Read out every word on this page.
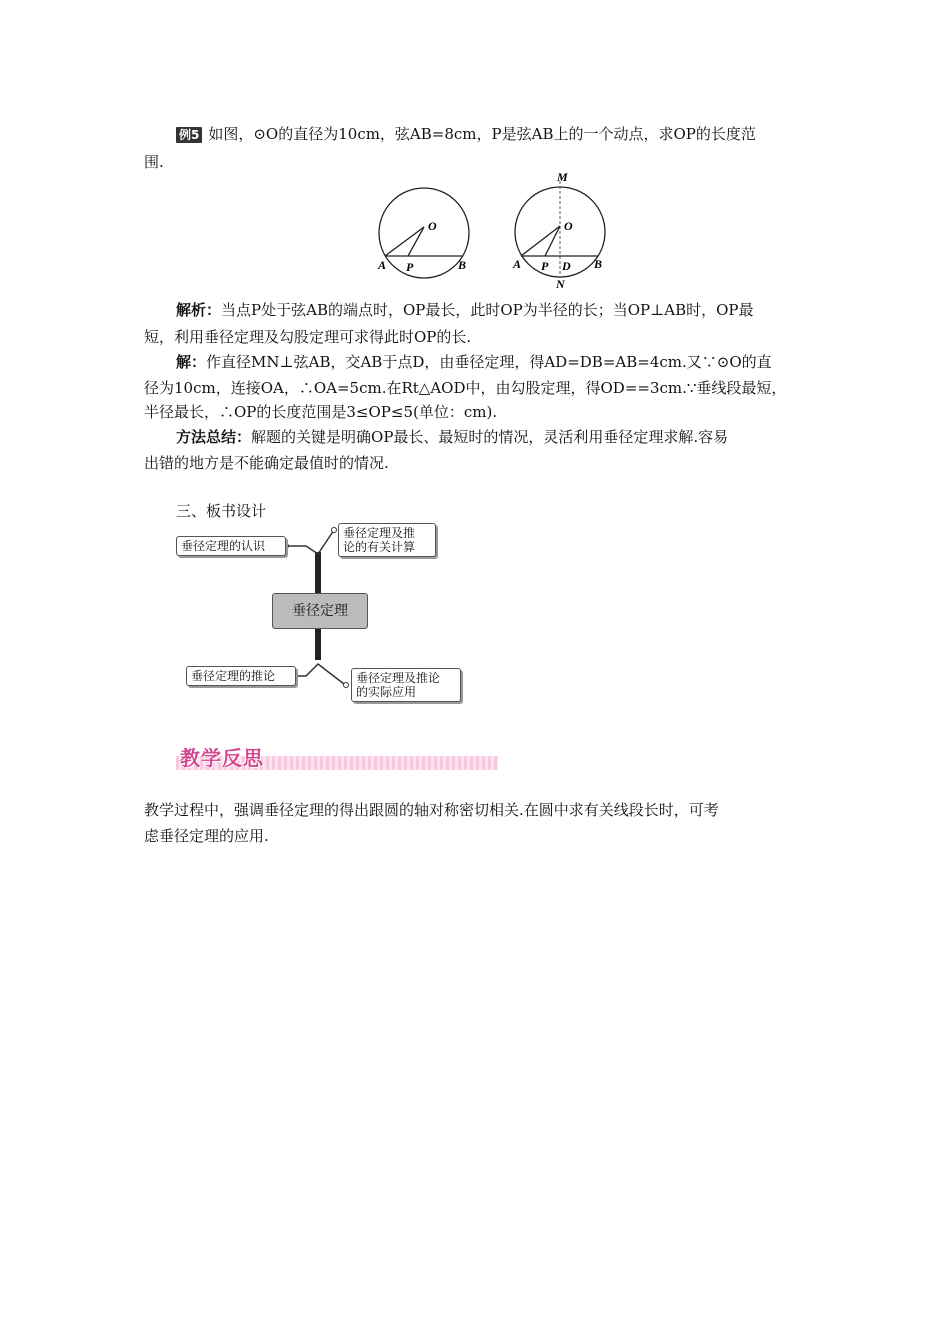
例5 如图，⊙O的直径为10cm，弦AB=8cm，P是弦AB上的一个动点，求OP的长度范
围.
O
A P	B
M
O
A P D B
N
解析：当点P处于弦AB的端点时，OP最长，此时OP为半径的长；当OP⊥AB时，OP最
短，利用垂径定理及勾股定理可求得此时OP的长.
解：作直径MN⊥弦AB，交AB于点D，由垂径定理，得AD=DB=AB=4cm.又∵⊙O的直
径为10cm，连接OA，∴OA=5cm.在Rt△AOD中，由勾股定理，得OD==3cm.∵垂线段最短，
半径最长，∴OP的长度范围是3≤OP≤5(单位：cm).
方法总结：解题的关键是明确OP最长、最短时的情况，灵活利用垂径定理求解.容易
出错的地方是不能确定最值时的情况.
三、板书设计
垂径定理的认识
垂径定理及推
论的有关计算
垂径定理
垂径定理的推论	垂径定理及推论
的实际应用
教学反思
教学过程中，强调垂径定理的得出跟圆的轴对称密切相关.在圆中求有关线段长时，可考
虑垂径定理的应用.
